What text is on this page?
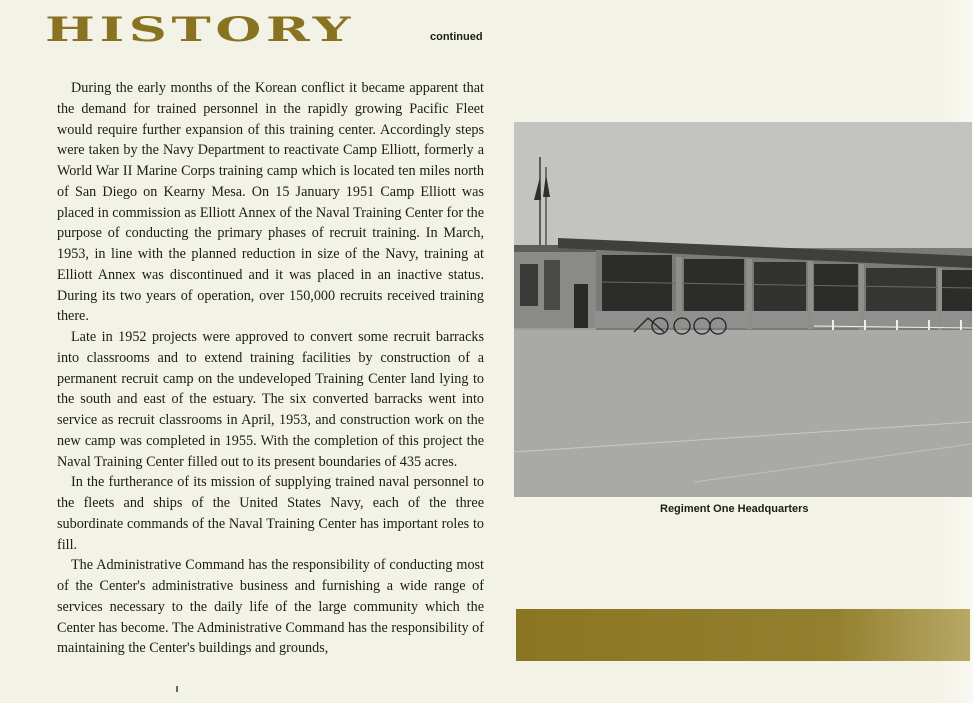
HISTORY	continued

During the early months of the Korean conflict it became apparent that the demand for trained personnel in the rapidly growing Pacific Fleet would require further expansion of this training center. Accordingly steps were taken by the Navy Department to reactivate Camp Elliott, formerly a World War II Marine Corps training camp which is located ten miles north of San Diego on Kearny Mesa. On 15 January 1951 Camp Elliott was placed in commission as Elliott Annex of the Naval Training Center for the purpose of conducting the primary phases of recruit training. In March, 1953, in line with the planned reduction in size of the Navy, training at Elliott Annex was discontinued and it was placed in an inactive status. During its two years of operation, over 150,000 recruits received training there.

Late in 1952 projects were approved to convert some recruit barracks into classrooms and to extend training facilities by construction of a permanent recruit camp on the undeveloped Training Center land lying to the south and east of the estuary. The six converted barracks went into service as recruit classrooms in April, 1953, and construction work on the new camp was completed in 1955. With the completion of this project the Naval Training Center filled out to its present boundaries of 435 acres.

In the furtherance of its mission of supplying trained naval personnel to the fleets and ships of the United States Navy, each of the three subordinate commands of the Naval Training Center has important roles to fill.

The Administrative Command has the responsibility of conducting most of the Center's administrative business and furnishing a wide range of services necessary to the daily life of the large community which the Center has become. The Administrative Command has the responsibility of maintaining the Center's buildings and grounds,

Regiment One Headquarters
